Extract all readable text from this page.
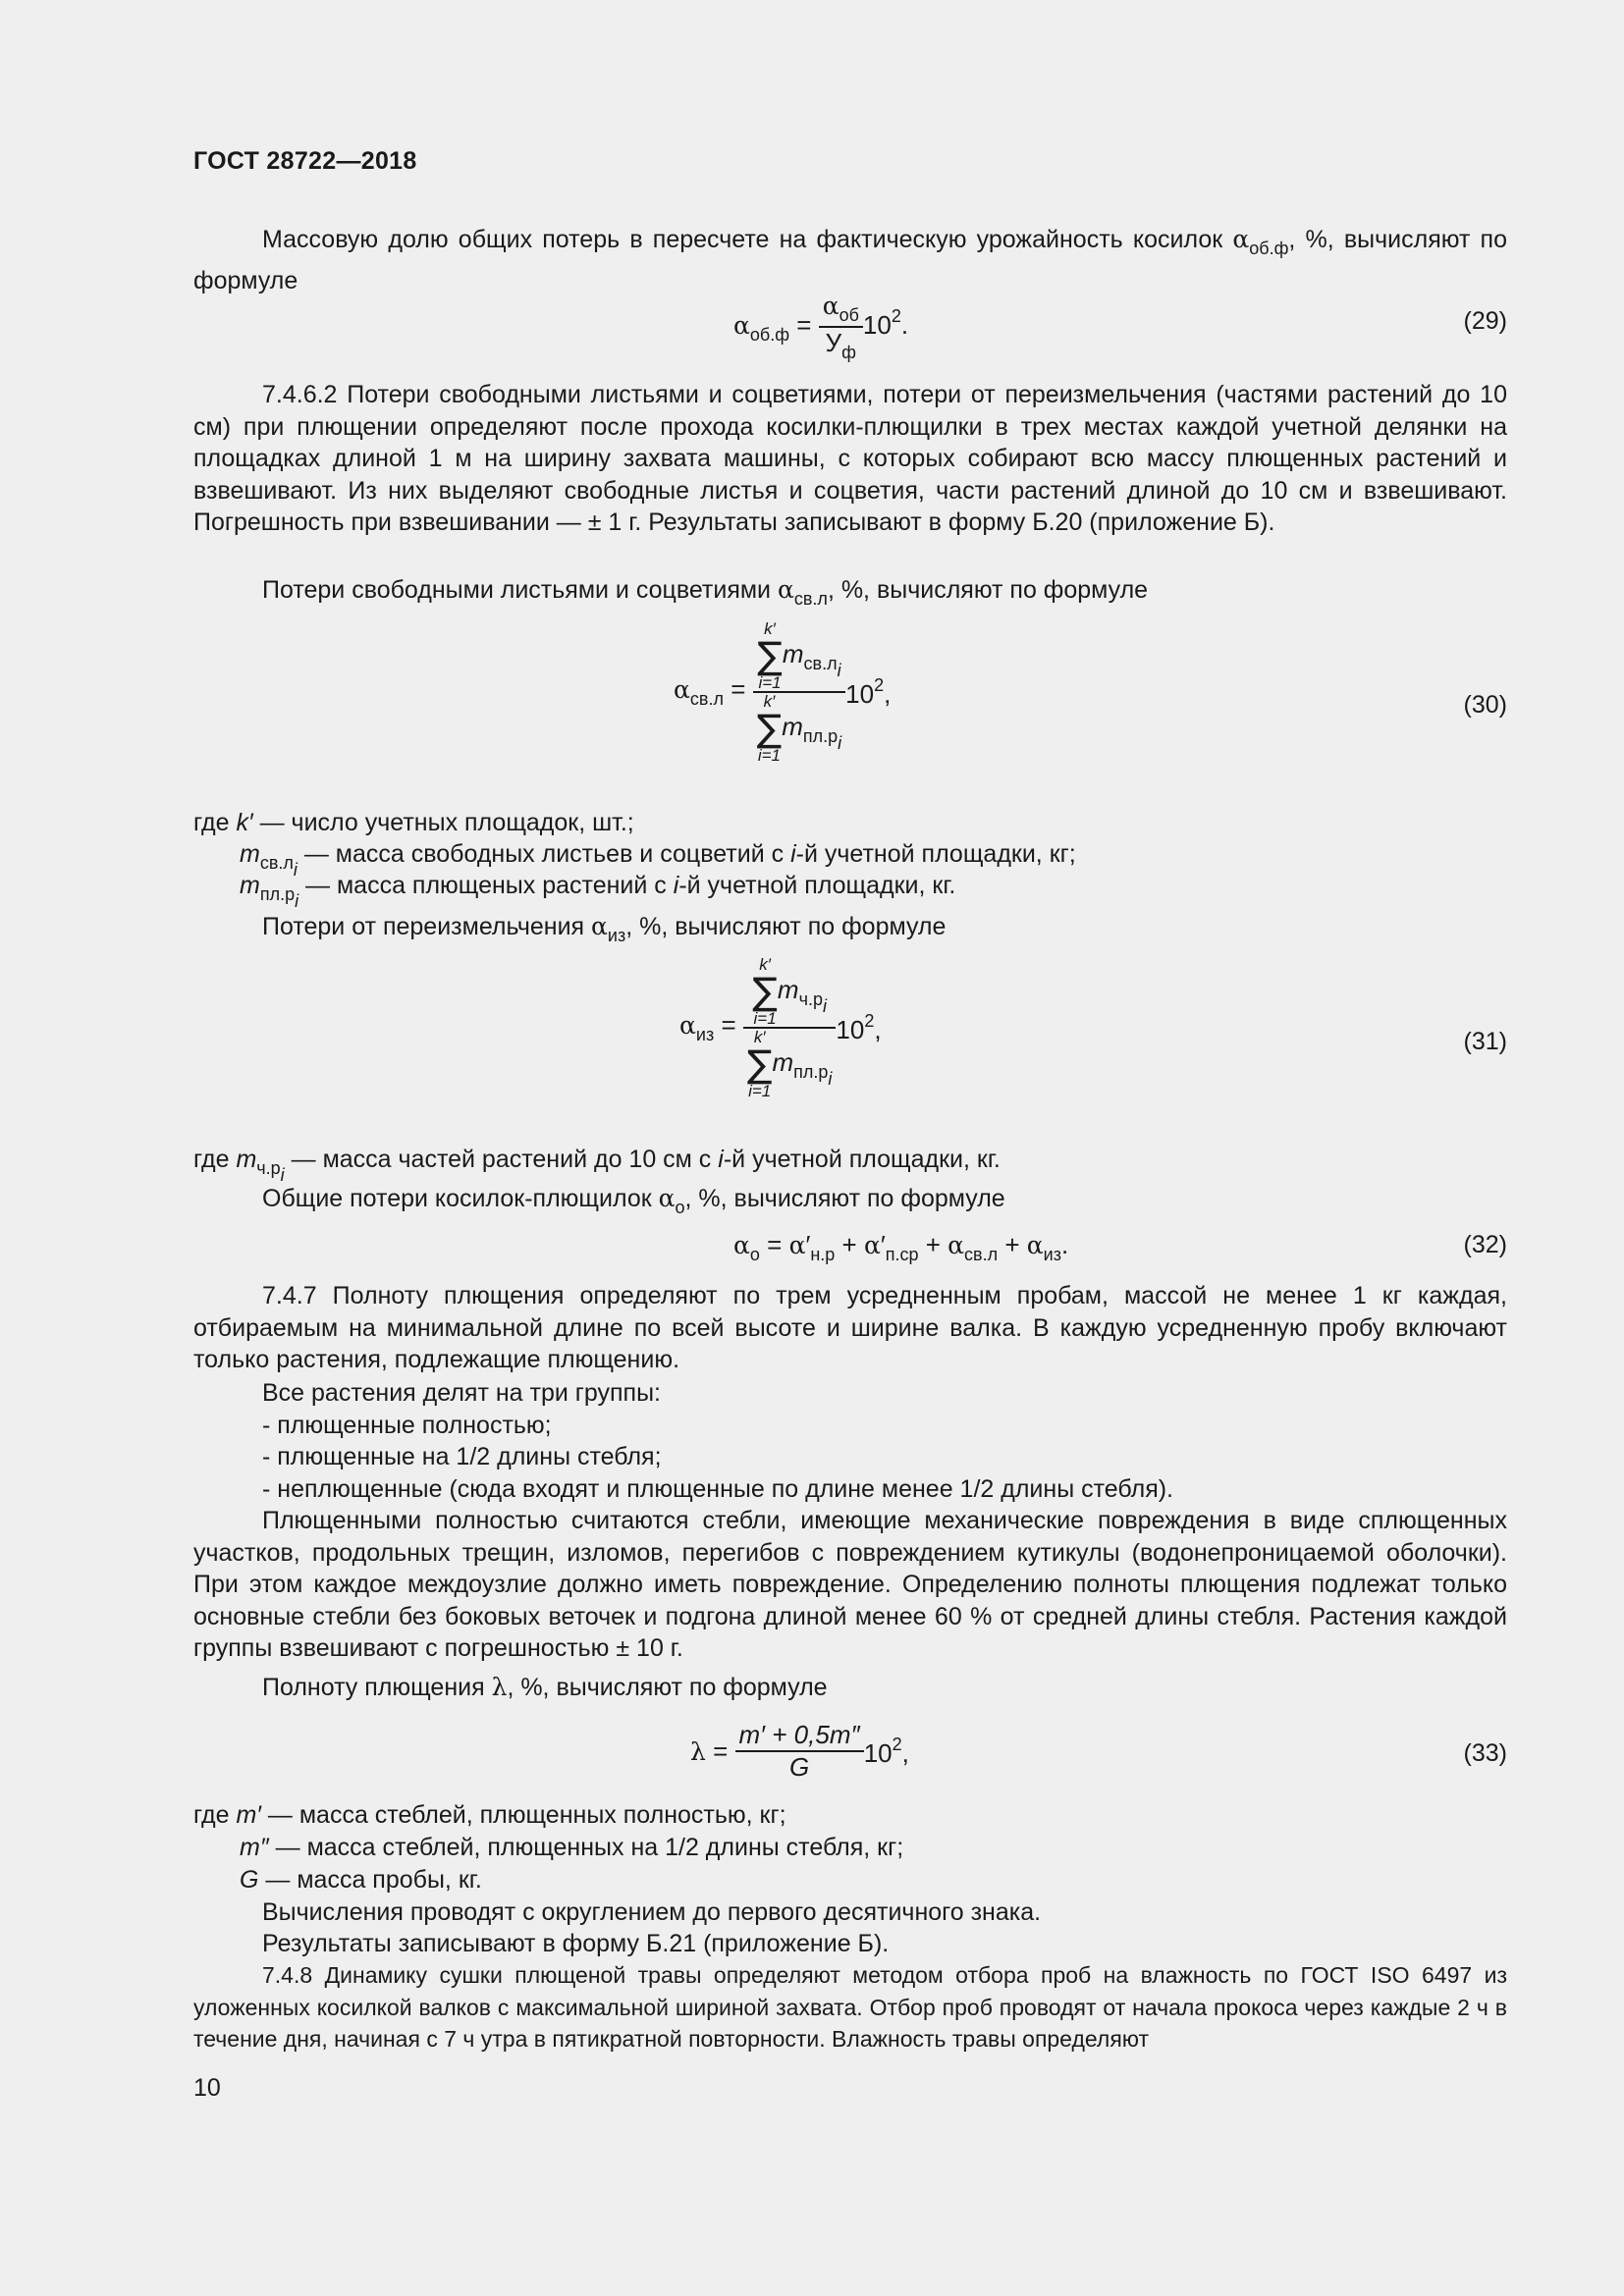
ГОСТ 28722—2018
Массовую долю общих потерь в пересчете на фактическую урожайность косилок $\alpha_{об.ф}$, %, вычисляют по формуле
$\alpha_{об.ф} = \frac{\alpha_{об}}{У_ф} 10^2$.	(29)
7.4.6.2 Потери свободными листьями и соцветиями, потери от переизмельчения (частями растений до 10 см) при плющении определяют после прохода косилки-плющилки в трех местах каждой учетной делянки на площадках длиной 1 м на ширину захвата машины, с которых собирают всю массу плющенных растений и взвешивают. Из них выделяют свободные листья и соцветия, части растений длиной до 10 см и взвешивают. Погрешность при взвешивании — ± 1 г. Результаты записывают в форму Б.20 (приложение Б).
Потери свободными листьями и соцветиями $\alpha_{св.л}$, %, вычисляют по формуле
$\alpha_{св.л} = k'$
∑
i=1
$m_{св.л_i}$
k′
∑
i=1
$m_{пл.р_i}$ $10^2$,	(30)
где k′ — число учетных площадок, шт.;
$m_{св.л_i}$ — масса свободных листьев и соцветий с i-й учетной площадки, кг;
$m_{пл.р_i}$ — масса плющеных растений с i-й учетной площадки, кг.
Потери от переизмельчения $\alpha_{из}$, %, вычисляют по формуле
$\alpha_{из} = k'$
∑
i=1
$m_{ч.р_i}$
k′
∑
i=1
$m_{пл.р_i}$ $10^2$,	(31)
где $m_{ч.р_i}$ — масса частей растений до 10 см с i-й учетной площадки, кг.
Общие потери косилок-плющилок $\alpha_о$, %, вычисляют по формуле
$\alpha_о = \alpha'_{н.р} + \alpha'_{п.ср} + \alpha_{св.л} + \alpha_{из}$.	(32)
7.4.7 Полноту плющения определяют по трем усредненным пробам, массой не менее 1 кг каждая, отбираемым на минимальной длине по всей высоте и ширине валка. В каждую усредненную пробу включают только растения, подлежащие плющению.
Все растения делят на три группы:
- плющенные полностью;
- плющенные на 1/2 длины стебля;
- неплющенные (сюда входят и плющенные по длине менее 1/2 длины стебля).
Плющенными полностью считаются стебли, имеющие механические повреждения в виде сплющенных участков, продольных трещин, изломов, перегибов с повреждением кутикулы (водонепроницаемой оболочки). При этом каждое междоузлие должно иметь повреждение. Определению полноты плющения подлежат только основные стебли без боковых веточек и подгона длиной менее 60 % от средней длины стебля. Растения каждой группы взвешивают с погрешностью ± 10 г.
Полноту плющения λ, %, вычисляют по формуле
$\lambda = \frac{m' + 0,5m''}{G} 10^2$,	(33)
где m′ — масса стеблей, плющенных полностью, кг;
m″ — масса стеблей, плющенных на 1/2 длины стебля, кг;
G — масса пробы, кг.
Вычисления проводят с округлением до первого десятичного знака.
Результаты записывают в форму Б.21 (приложение Б).
7.4.8 Динамику сушки плющеной травы определяют методом отбора проб на влажность по ГОСТ ISO 6497 из уложенных косилкой валков с максимальной шириной захвата. Отбор проб проводят от начала прокоса через каждые 2 ч в течение дня, начиная с 7 ч утра в пятикратной повторности. Влажность травы определяют
10
